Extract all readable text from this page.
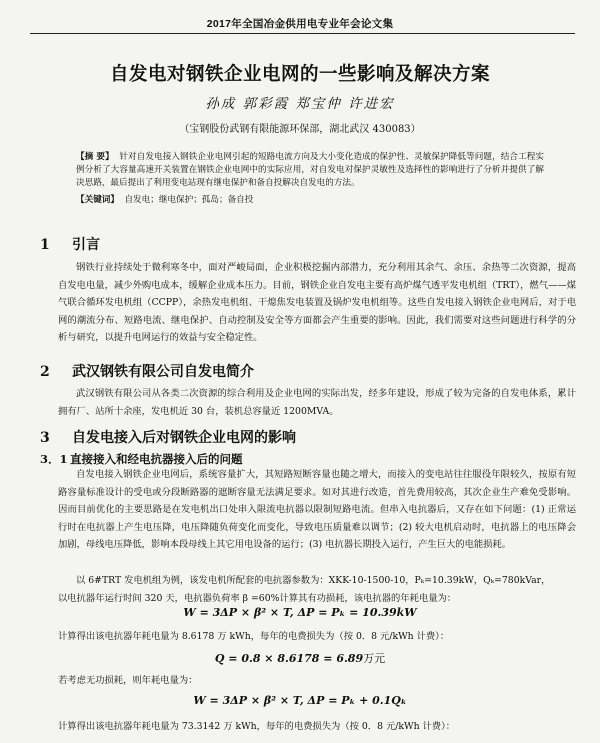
2017年全国冶金供用电专业年会论文集
自发电对钢铁企业电网的一些影响及解决方案
孙成 郭彩霞 郑宝仲 许进宏
（宝钢股份武钢有限能源环保部，湖北武汉 430083）
【摘 要】 针对自发电接入钢铁企业电网引起的短路电流方向及大小变化造成的保护性、灵敏保护降低等问题，结合工程实例分析了大容量高速开关装置在钢铁企业电网中的实际应用，对自发电对保护灵敏性及选择性的影响进行了分析并提供了解决思路，最后提出了利用变电站现有继电保护和备自投解决自发电的方法。
【关键词】 自发电；继电保护；孤岛；备自投
1 引言

钢铁行业持续处于微利寒冬中，面对严峻局面，企业积极挖掘内部潜力，充分利用其余气、余压、余热等二次资源，提高自发电电量，减少外购电成本，缓解企业成本压力。目前，钢铁企业自发电主要有高炉煤气透平发电机组（TRT），燃气——煤气联合循环发电机组（CCPP），余热发电机组、干熄焦发电装置及锅炉发电机组等。这些自发电接入钢铁企业电网后，对于电网的潮流分布、短路电流、继电保护、自动控制及安全等方面都会产生重要的影响。因此，我们需要对这些问题进行科学的分析与研究，以提升电网运行的效益与安全稳定性。

2 武汉钢铁有限公司自发电简介

武汉钢铁有限公司从各类二次资源的综合利用及企业电网的实际出发，经多年建设，形成了较为完备的自发电体系，累计拥有厂、站所十余座，发电机近 30 台，装机总容量近 1200MVA。

3 自发电接入后对钢铁企业电网的影响
3．1 直接接入和经电抗器接入后的问题

自发电接入钢铁企业电网后，系统容量扩大，其短路短断容量也随之增大，而接入的变电站往往服役年限较久，按原有短路容量标准设计的受电或分段断路器的遮断容量无法满足要求。如对其进行改造，首先费用较高，其次企业生产难免受影响。因而目前优化的主要思路是在发电机出口处串入限流电抗器以限制短路电流。但串入电抗器后，又存在如下问题：(1) 正常运行时在电抗器上产生电压降，电压降随负荷变化而变化，导致电压质量难以调节；(2) 较大电机启动时，电抗器上的电压降会加剧，母线电压降低，影响本段母线上其它用电设备的运行；(3) 电抗器长期投入运行，产生巨大的电能损耗。

以 6#TRT 发电机组为例，该发电机所配套的电抗器参数为：XKK-10-1500-10，Pₖ=10.39kW，Qₖ=780kVar，

以电抗器年运行时间 320 天，电抗器负荷率 β =60%计算其有功损耗，该电抗器的年耗电量为：

W = 3ΔP × β² × T, ΔP = Pₖ = 10.39kW
计算得出该电抗器年耗电量为 8.6178 万 kWh，每年的电费损失为（按 0．8 元/kWh 计费）：
Q = 0.8 × 8.6178 = 6.89万元
若考虑无功损耗，则年耗电量为：
W = 3ΔP × β² × T, ΔP = Pₖ + 0.1Qₖ
计算得出该电抗器年耗电量为 73.3142 万 kWh，每年的电费损失为（按 0．8 元/kWh 计费）：
